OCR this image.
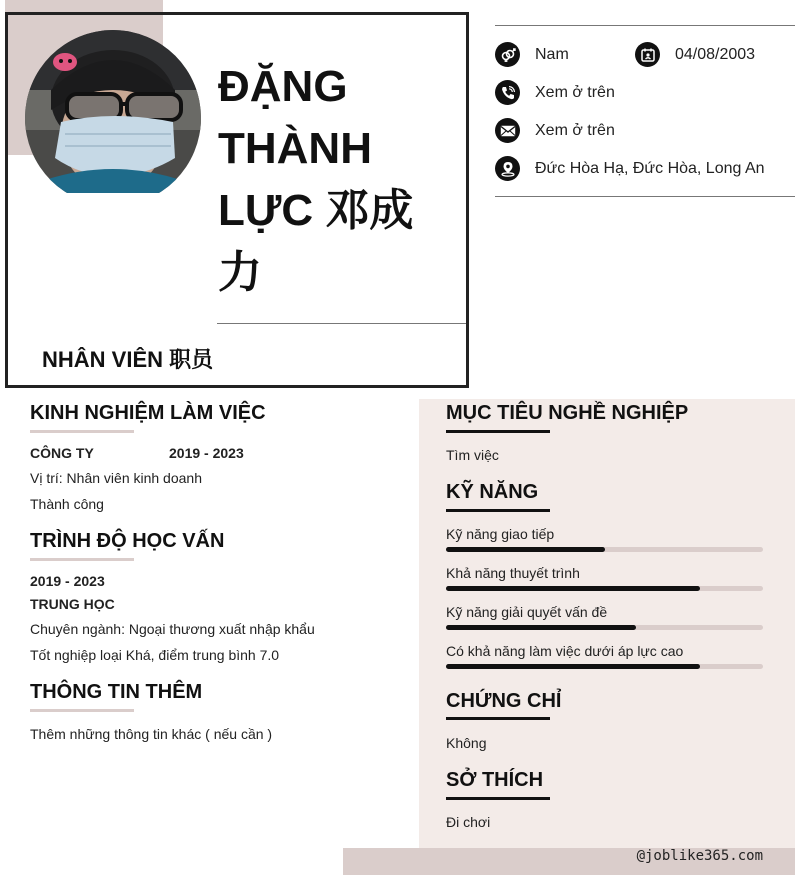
ĐẶNG
THÀNH
LỰC 邓成
力
NHÂN VIÊN 职员
Nam	04/08/2003
Xem ở trên
Xem ở trên
Đức Hòa Hạ, Đức Hòa, Long An
KINH NGHIỆM LÀM VIỆC
CÔNG TY	2019 - 2023
Vị trí: Nhân viên kinh doanh
Thành công
TRÌNH ĐỘ HỌC VẤN
2019 - 2023
TRUNG HỌC
Chuyên ngành: Ngoại thương xuất nhập khẩu
Tốt nghiệp loại Khá, điểm trung bình 7.0
THÔNG TIN THÊM
Thêm những thông tin khác ( nếu cần )
MỤC TIÊU NGHỀ NGHIỆP
Tìm việc
KỸ NĂNG
Kỹ năng giao tiếp
Khả năng thuyết trình
Kỹ năng giải quyết vấn đề
Có khả năng làm việc dưới áp lực cao
CHỨNG CHỈ
Không
SỞ THÍCH
Đi chơi
@joblike365.com
